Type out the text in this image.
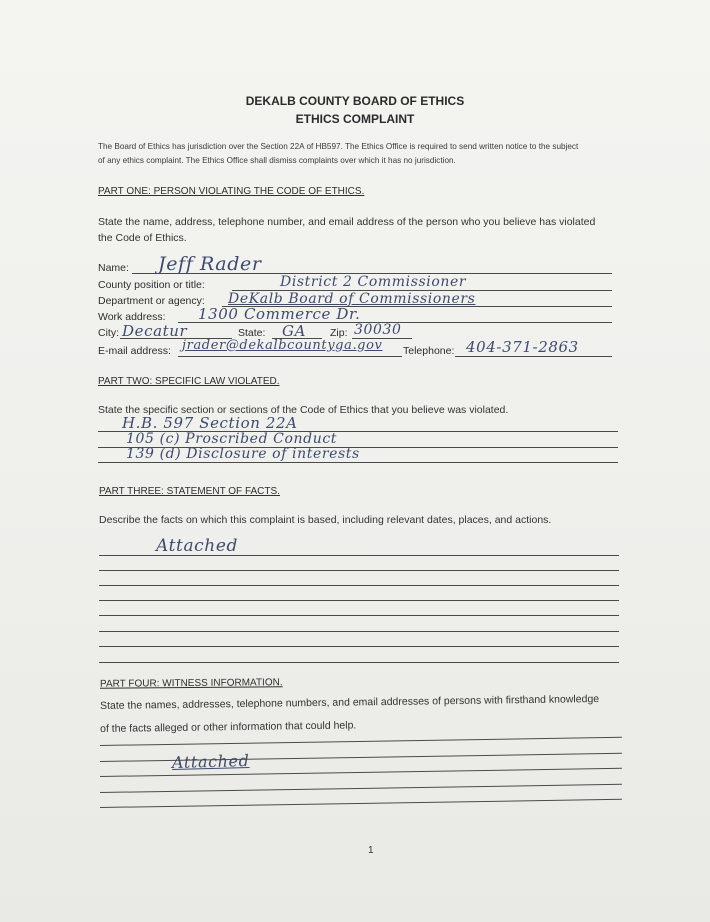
DEKALB COUNTY BOARD OF ETHICS
ETHICS COMPLAINT
The Board of Ethics has jurisdiction over the Section 22A of HB597. The Ethics Office is required to send written notice to the subject
of any ethics complaint. The Ethics Office shall dismiss complaints over which it has no jurisdiction.
PART ONE: PERSON VIOLATING THE CODE OF ETHICS.
State the name, address, telephone number, and email address of the person who you believe has violated
the Code of Ethics.
Name: Jeff Rader
County position or title:	District 2 Commissioner
Department or agency: DeKalb Board of Commissioners
Work address: 1300 Commerce Dr.
City: Decatur	State: GA Zip: 30030
E-mail address: jrader@dekalbcountyga.gov Telephone: 404-371-2863
PART TWO: SPECIFIC LAW VIOLATED.
State the specific section or sections of the Code of Ethics that you believe was violated.
H.B. 597 Section 22A
105 (c) Proscribed Conduct
139 (d) Disclosure of interests
PART THREE: STATEMENT OF FACTS.
Describe the facts on which this complaint is based, including relevant dates, places, and actions.
Attached
PART FOUR: WITNESS INFORMATION.
State the names, addresses, telephone numbers, and email addresses of persons with firsthand knowledge
of the facts alleged or other information that could help.
Attached
1
